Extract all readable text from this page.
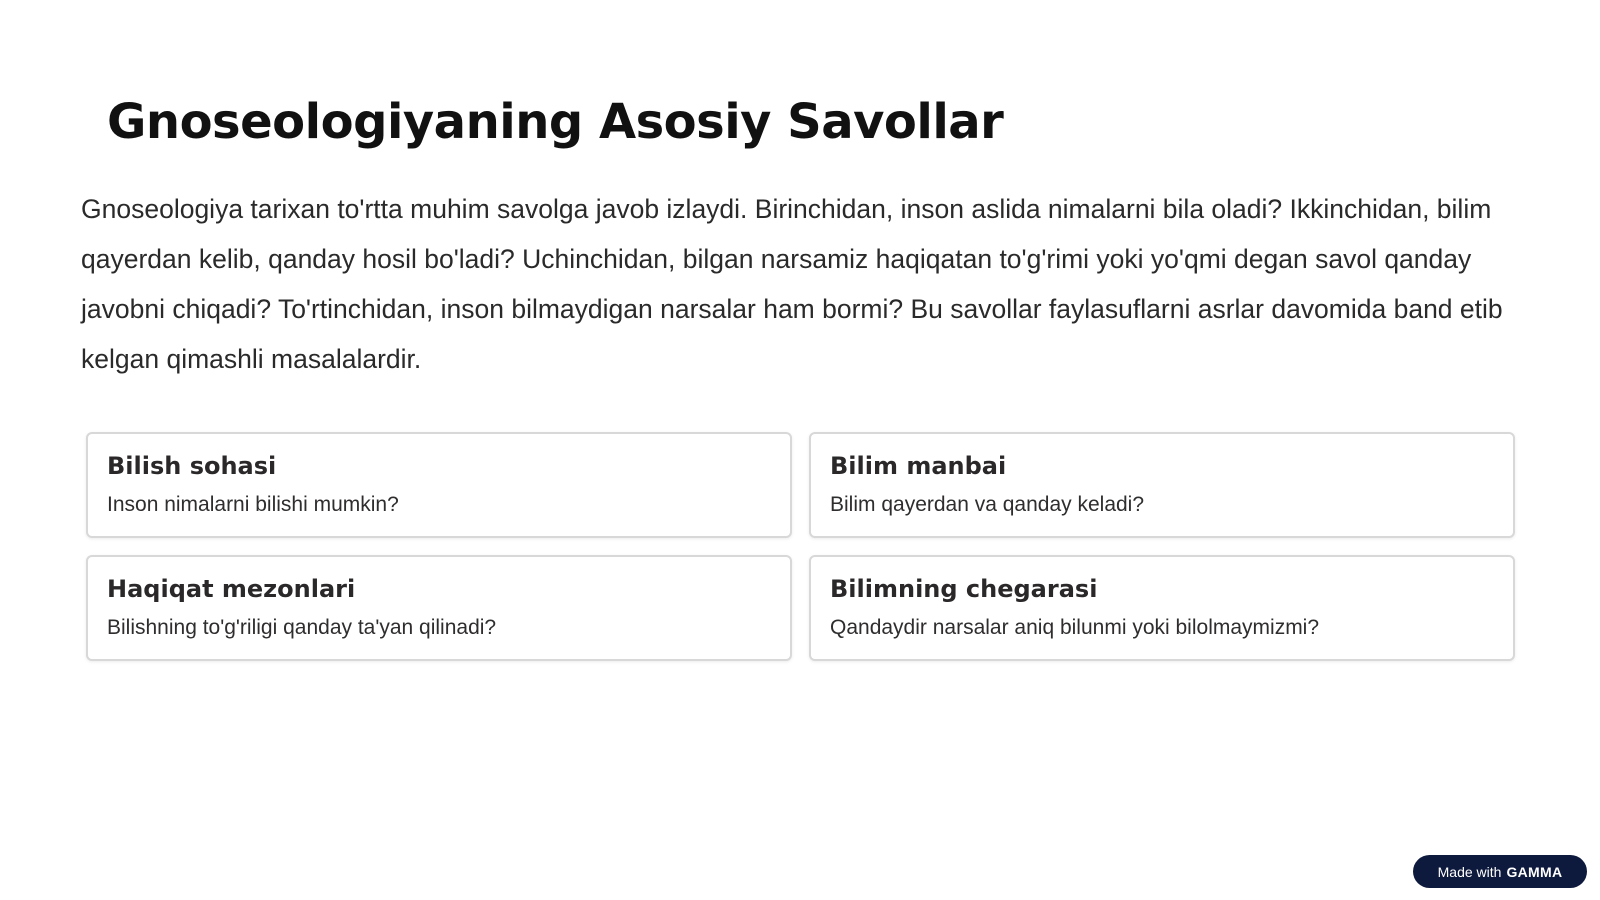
Gnoseologiyaning Asosiy Savollar

Gnoseologiya tarixan to'rtta muhim savolga javob izlaydi. Birinchidan, inson aslida nimalarni bila oladi? Ikkinchidan, bilim qayerdan kelib, qanday hosil bo'ladi? Uchinchidan, bilgan narsamiz haqiqatan to'g'rimi yoki yo'qmi degan savol qanday javobni chiqadi? To'rtinchidan, inson bilmaydigan narsalar ham bormi? Bu savollar faylasuflarni asrlar davomida band etib kelgan qimashli masalalardir.

Bilish sohasi
Inson nimalarni bilishi mumkin?
Bilim manbai
Bilim qayerdan va qanday keladi?
Haqiqat mezonlari
Bilishning to'g'riligi qanday ta'yan qilinadi?
Bilimning chegarasi
Qandaydir narsalar aniq bilunmi yoki bilolmaymizmi?
Made with GAMMA
